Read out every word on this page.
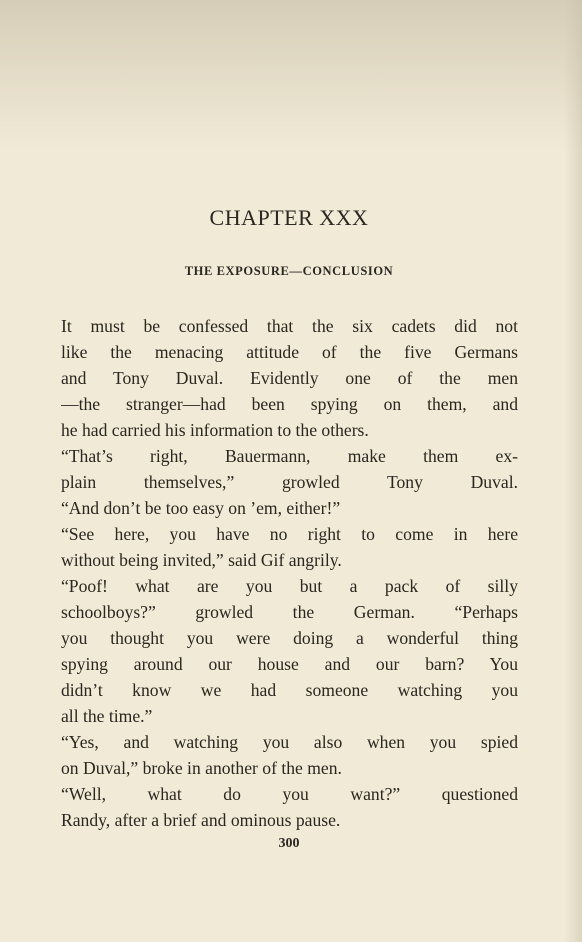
CHAPTER XXX
THE EXPOSURE—CONCLUSION
It must be confessed that the six cadets did not
like the menacing attitude of the five Germans
and Tony Duval. Evidently one of the men
—the stranger—had been spying on them, and
he had carried his information to the others.
“That’s right, Bauermann, make them ex-
plain themselves,” growled Tony Duval.
“And don’t be too easy on ’em, either!”
“See here, you have no right to come in here
without being invited,” said Gif angrily.
“Poof! what are you but a pack of silly
schoolboys?” growled the German. “Perhaps
you thought you were doing a wonderful thing
spying around our house and our barn? You
didn’t know we had someone watching you
all the time.”
“Yes, and watching you also when you spied
on Duval,” broke in another of the men.
“Well, what do you want?” questioned
Randy, after a brief and ominous pause.
300
